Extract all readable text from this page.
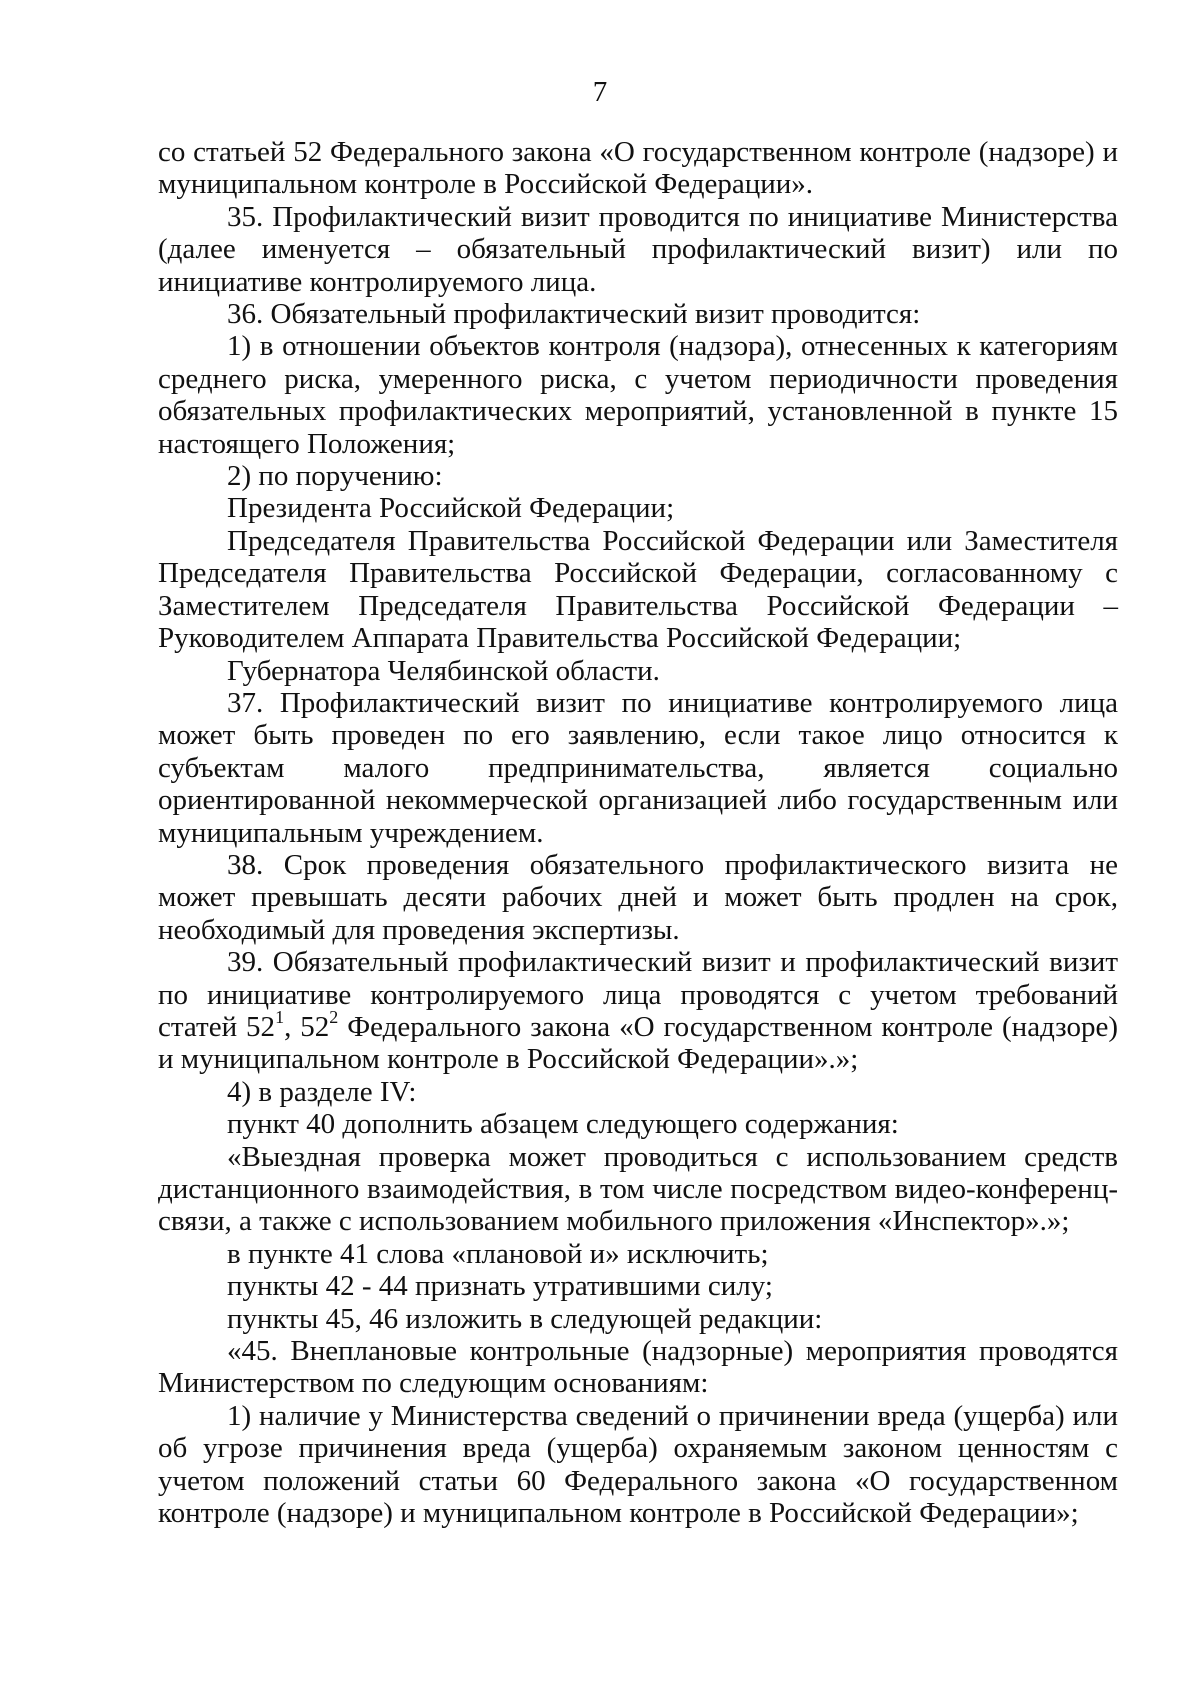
7

со статьей 52 Федерального закона «О государственном контроле (надзоре) и муниципальном контроле в Российской Федерации».

35. Профилактический визит проводится по инициативе Министерства (далее именуется – обязательный профилактический визит) или по инициативе контролируемого лица.

36. Обязательный профилактический визит проводится:

1) в отношении объектов контроля (надзора), отнесенных к категориям среднего риска, умеренного риска, с учетом периодичности проведения обязательных профилактических мероприятий, установленной в пункте 15 настоящего Положения;

2) по поручению:

Президента Российской Федерации;

Председателя Правительства Российской Федерации или Заместителя Председателя Правительства Российской Федерации, согласованному с Заместителем Председателя Правительства Российской Федерации – Руководителем Аппарата Правительства Российской Федерации;

Губернатора Челябинской области.

37. Профилактический визит по инициативе контролируемого лица может быть проведен по его заявлению, если такое лицо относится к субъектам малого предпринимательства, является социально ориентированной некоммерческой организацией либо государственным или муниципальным учреждением.

38. Срок проведения обязательного профилактического визита не может превышать десяти рабочих дней и может быть продлен на срок, необходимый для проведения экспертизы.

39. Обязательный профилактический визит и профилактический визит по инициативе контролируемого лица проводятся с учетом требований статей $52^1$, $52^2$ Федерального закона «О государственном контроле (надзоре) и муниципальном контроле в Российской Федерации».»;

4) в разделе IV:

пункт 40 дополнить абзацем следующего содержания:

«Выездная проверка может проводиться с использованием средств дистанционного взаимодействия, в том числе посредством видео-конференц-связи, а также с использованием мобильного приложения «Инспектор».»;

в пункте 41 слова «плановой и» исключить;

пункты 42 - 44 признать утратившими силу;

пункты 45, 46 изложить в следующей редакции:

«45. Внеплановые контрольные (надзорные) мероприятия проводятся Министерством по следующим основаниям:

1) наличие у Министерства сведений о причинении вреда (ущерба) или об угрозе причинения вреда (ущерба) охраняемым законом ценностям с учетом положений статьи 60 Федерального закона «О государственном контроле (надзоре) и муниципальном контроле в Российской Федерации»;
